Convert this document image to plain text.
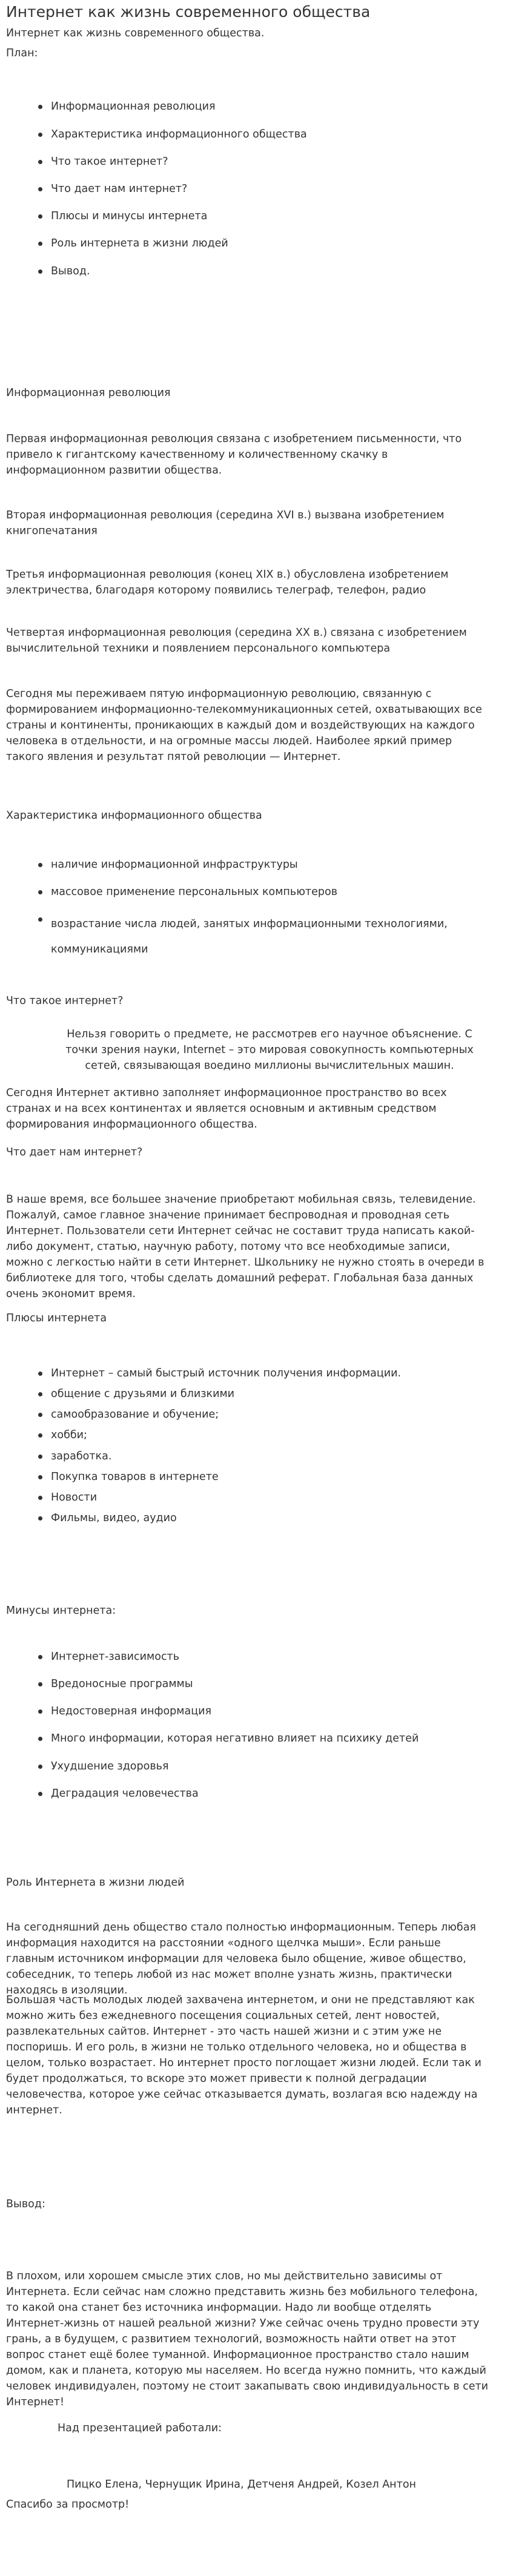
Интернет как жизнь современного общества

Интернет как жизнь современного общества.

План:

Информационная революция

Характеристика информационного общества

Что такое интернет?

Что дает нам интернет?

Плюсы и минусы интернета

Роль интернета в жизни людей

Вывод.

Информационная революция

Первая информационная революция связана с изобретением письменности, что привело к гигантскому качественному и количественному скачку в информационном развитии общества.

Вторая информационная революция (середина XVI в.) вызвана изобретением книгопечатания

Третья информационная революция (конец XIX в.) обусловлена изобретением электричества, благодаря которому появились телеграф, телефон, радио

Четвертая информационная революция (середина XX в.) связана с изобретением вычислительной техники и появлением персонального компьютера

Сегодня мы переживаем пятую информационную революцию, связанную с формированием информационно-телекоммуникационных сетей, охватывающих все страны и континенты, проникающих в каждый дом и воздействующих на каждого человека в отдельности, и на огромные массы людей. Наиболее яркий пример такого явления и результат пятой революции — Интернет.

Характеристика информационного общества

наличие информационной инфраструктуры

массовое применение персональных компьютеров

возрастание числа людей, занятых информационными технологиями, коммуникациями

Что такое интернет?

Нельзя говорить о предмете, не рассмотрев его научное объяснение. С точки зрения науки, Internet – это мировая совокупность компьютерных сетей, связывающая воедино миллионы вычислительных машин.

Сегодня Интернет активно заполняет информационное пространство во всех странах и на всех континентах и является основным и активным средством формирования информационного общества.

Что дает нам интернет?

В наше время, все большее значение приобретают мобильная связь, телевидение. Пожалуй, самое главное значение принимает беспроводная и проводная сеть Интернет. Пользователи сети Интернет сейчас не составит труда написать какой-либо документ, статью, научную работу, потому что все необходимые записи, можно с легкостью найти в сети Интернет. Школьнику не нужно стоять в очереди в библиотеке для того, чтобы сделать домашний реферат. Глобальная база данных очень экономит время.

Плюсы интернета

Интернет – самый быстрый источник получения информации.

общение с друзьями и близкими

самообразование и обучение;

хобби;

заработка.

Покупка товаров в интернете

Новости

Фильмы, видео, аудио

Минусы интернета:

Интернет-зависимость

Вредоносные программы

Недостоверная информация

Много информации, которая негативно влияет на психику детей

Ухудшение здоровья

Деградация человечества

Роль Интернета в жизни людей

На сегодняшний день общество стало полностью информационным. Теперь любая информация находится на расстоянии «одного щелчка мыши». Если раньше главным источником информации для человека было общение, живое общество, собеседник, то теперь любой из нас может вполне узнать жизнь, практически находясь в изоляции.

Большая часть молодых людей захвачена интернетом, и они не представляют как можно жить без ежедневного посещения социальных сетей, лент новостей, развлекательных сайтов. Интернет - это часть нашей жизни и с этим уже не поспоришь. И его роль, в жизни не только отдельного человека, но и общества в целом, только возрастает. Но интернет просто поглощает жизни людей. Если так и будет продолжаться, то вскоре это может привести к полной деградации человечества, которое уже сейчас отказывается думать, возлагая всю надежду на интернет.

Вывод:

В плохом, или хорошем смысле этих слов, но мы действительно зависимы от Интернета. Если сейчас нам сложно представить жизнь без мобильного телефона, то какой она станет без источника информации. Надо ли вообще отделять Интернет-жизнь от нашей реальной жизни? Уже сейчас очень трудно провести эту грань, а в будущем, с развитием технологий, возможность найти ответ на этот вопрос станет ещё более туманной. Информационное пространство стало нашим домом, как и планета, которую мы населяем. Но всегда нужно помнить, что каждый человек индивидуален, поэтому не стоит закапывать свою индивидуальность в сети Интернет!

Над презентацией работали:

Пицко Елена, Чернущик Ирина, Детченя Андрей, Козел Антон

Спасибо за просмотр!
